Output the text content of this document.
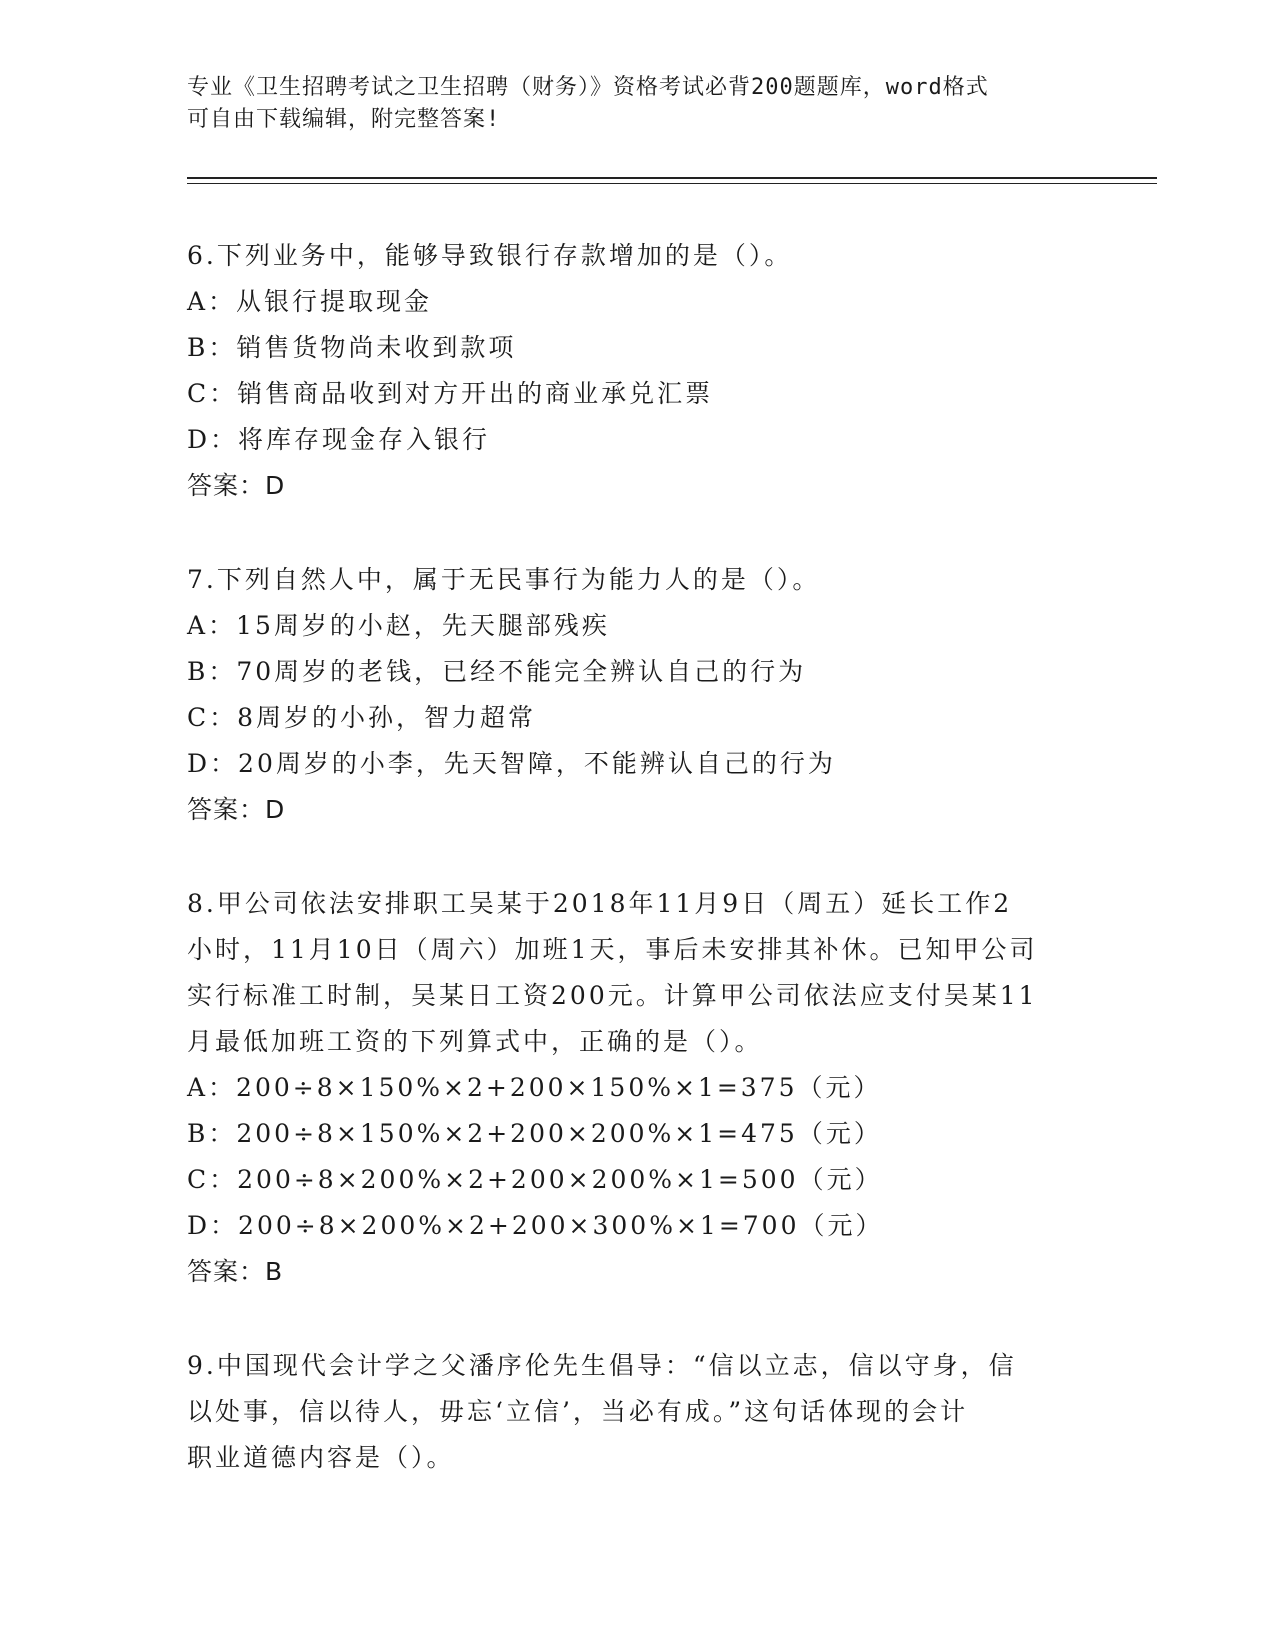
专业《卫生招聘考试之卫生招聘（财务）》资格考试必背200题题库，word格式
可自由下载编辑，附完整答案!
6.下列业务中，能够导致银行存款增加的是（）。
A：从银行提取现金
B：销售货物尚未收到款项
C：销售商品收到对方开出的商业承兑汇票
D：将库存现金存入银行
答案：D
7.下列自然人中，属于无民事行为能力人的是（）。
A：15周岁的小赵，先天腿部残疾
B：70周岁的老钱，已经不能完全辨认自己的行为
C：8周岁的小孙，智力超常
D：20周岁的小李，先天智障，不能辨认自己的行为
答案：D
8.甲公司依法安排职工吴某于2018年11月9日（周五）延长工作2
小时，11月10日（周六）加班1天，事后未安排其补休。已知甲公司
实行标准工时制，吴某日工资200元。计算甲公司依法应支付吴某11
月最低加班工资的下列算式中，正确的是（）。
A：200÷8×150%×2+200×150%×1=375（元）
B：200÷8×150%×2+200×200%×1=475（元）
C：200÷8×200%×2+200×200%×1=500（元）
D：200÷8×200%×2+200×300%×1=700（元）
答案：B
9.中国现代会计学之父潘序伦先生倡导：“信以立志，信以守身，信
以处事，信以待人，毋忘‘立信’，当必有成。”这句话体现的会计
职业道德内容是（）。
